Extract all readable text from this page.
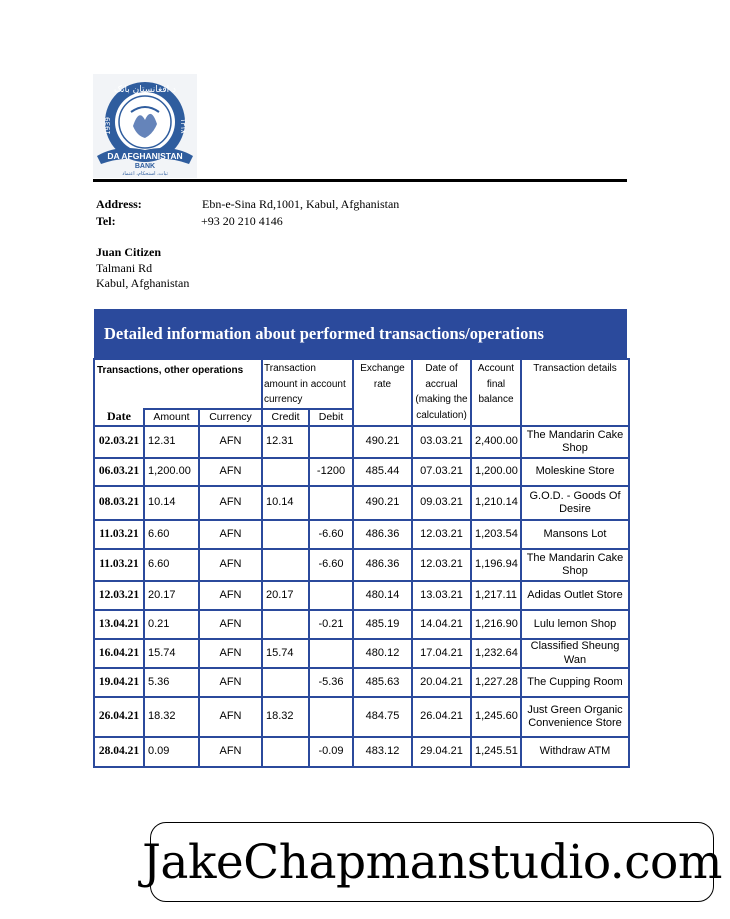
د افغانستان بانک
1939	۱۳۱۸
DA AFGHANISTAN
BANK
ثبات، استحکام، اعتماد
Address:	Ebn-e-Sina Rd,1001, Kabul, Afghanistan
Tel:	+93 20 210 4146
Juan Citizen
Talmani Rd
Kabul, Afghanistan
Detailed information about performed transactions/operations
Transactions, other operations			Transaction amount in account currency		Exchange rate	Date of accrual (making the calculation)	Account final balance	Transaction details
Date	Amount	Currency	Credit	Debit				
02.03.21	12.31	AFN	12.31		490.21	03.03.21	2,400.00	The Mandarin Cake Shop
06.03.21	1,200.00	AFN		-1200	485.44	07.03.21	1,200.00	Moleskine Store
08.03.21	10.14	AFN	10.14		490.21	09.03.21	1,210.14	G.O.D. - Goods Of Desire
11.03.21	6.60	AFN		-6.60	486.36	12.03.21	1,203.54	Mansons Lot
11.03.21	6.60	AFN		-6.60	486.36	12.03.21	1,196.94	The Mandarin Cake Shop
12.03.21	20.17	AFN	20.17		480.14	13.03.21	1,217.11	Adidas Outlet Store
13.04.21	0.21	AFN		-0.21	485.19	14.04.21	1,216.90	Lulu lemon Shop
16.04.21	15.74	AFN	15.74		480.12	17.04.21	1,232.64	Classified Sheung Wan
19.04.21	5.36	AFN		-5.36	485.63	20.04.21	1,227.28	The Cupping Room
26.04.21	18.32	AFN	18.32		484.75	26.04.21	1,245.60	Just Green Organic Convenience Store
28.04.21	0.09	AFN		-0.09	483.12	29.04.21	1,245.51	Withdraw ATM
JakeChapmanstudio.com
